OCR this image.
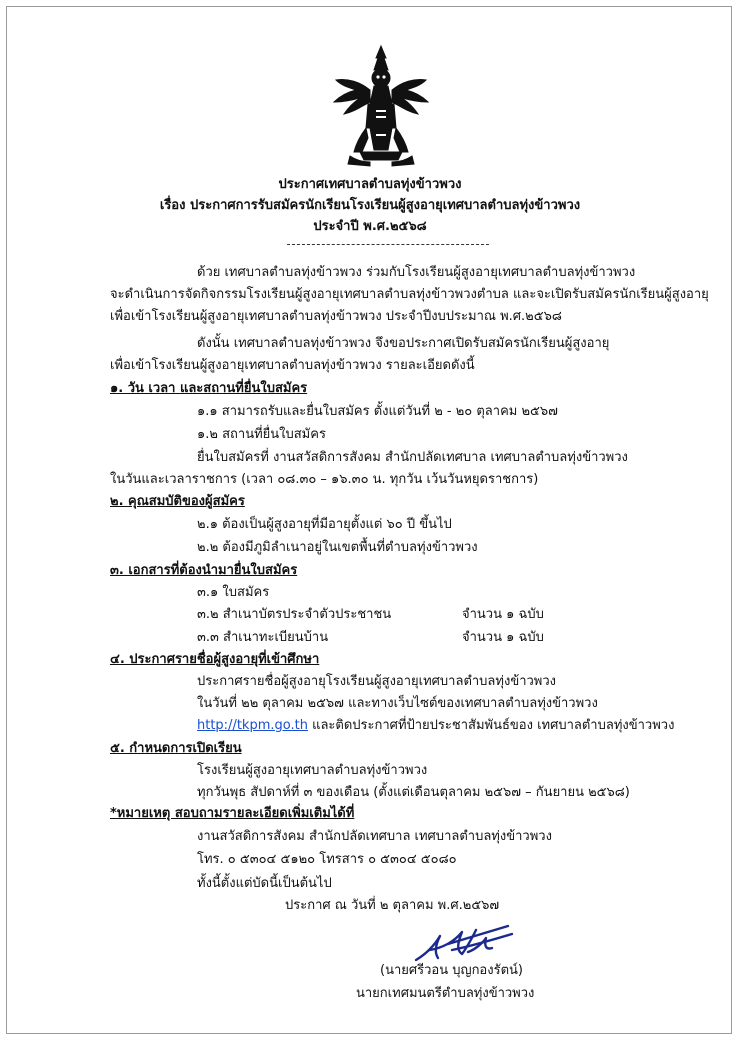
ประกาศเทศบาลตำบลทุ่งข้าวพวง
เรื่อง ประกาศการรับสมัครนักเรียนโรงเรียนผู้สูงอายุเทศบาลตำบลทุ่งข้าวพวง
ประจำปี พ.ศ.๒๕๖๘
ด้วย เทศบาลตำบลทุ่งข้าวพวง ร่วมกับโรงเรียนผู้สูงอายุเทศบาลตำบลทุ่งข้าวพวง
จะดำเนินการจัดกิจกรรมโรงเรียนผู้สูงอายุเทศบาลตำบลทุ่งข้าวพวงตำบล และจะเปิดรับสมัครนักเรียนผู้สูงอายุ
เพื่อเข้าโรงเรียนผู้สูงอายุเทศบาลตำบลทุ่งข้าวพวง ประจำปีงบประมาณ พ.ศ.๒๕๖๘
ดังนั้น เทศบาลตำบลทุ่งข้าวพวง จึงขอประกาศเปิดรับสมัครนักเรียนผู้สูงอายุ
เพื่อเข้าโรงเรียนผู้สูงอายุเทศบาลตำบลทุ่งข้าวพวง รายละเอียดดังนี้
๑. วัน เวลา และสถานที่ยื่นใบสมัคร
๑.๑ สามารถรับและยื่นใบสมัคร ตั้งแต่วันที่ ๒ - ๒๐ ตุลาคม ๒๕๖๗
๑.๒ สถานที่ยื่นใบสมัคร
ยื่นใบสมัครที่ งานสวัสดิการสังคม สำนักปลัดเทศบาล เทศบาลตำบลทุ่งข้าวพวง
ในวันและเวลาราชการ (เวลา ๐๘.๓๐ – ๑๖.๓๐ น. ทุกวัน เว้นวันหยุดราชการ)
๒. คุณสมบัติของผู้สมัคร
๒.๑ ต้องเป็นผู้สูงอายุที่มีอายุตั้งแต่ ๖๐ ปี ขึ้นไป
๒.๒ ต้องมีภูมิลำเนาอยู่ในเขตพื้นที่ตำบลทุ่งข้าวพวง
๓. เอกสารที่ต้องนำมายื่นใบสมัคร
๓.๑ ใบสมัคร
๓.๒ สำเนาบัตรประจำตัวประชาชน	จำนวน ๑ ฉบับ
๓.๓ สำเนาทะเบียนบ้าน	จำนวน ๑ ฉบับ
๔. ประกาศรายชื่อผู้สูงอายุที่เข้าศึกษา
ประกาศรายชื่อผู้สูงอายุโรงเรียนผู้สูงอายุเทศบาลตำบลทุ่งข้าวพวง
ในวันที่ ๒๒ ตุลาคม ๒๕๖๗ และทางเว็บไซต์ของเทศบาลตำบลทุ่งข้าวพวง
http://tkpm.go.th และติดประกาศที่ป้ายประชาสัมพันธ์ของ เทศบาลตำบลทุ่งข้าวพวง
๕. กำหนดการเปิดเรียน
โรงเรียนผู้สูงอายุเทศบาลตำบลทุ่งข้าวพวง
ทุกวันพุธ สัปดาห์ที่ ๓ ของเดือน (ตั้งแต่เดือนตุลาคม ๒๕๖๗ – กันยายน ๒๕๖๘)
*หมายเหตุ สอบถามรายละเอียดเพิ่มเติมได้ที่
งานสวัสดิการสังคม สำนักปลัดเทศบาล เทศบาลตำบลทุ่งข้าวพวง
โทร. ๐ ๕๓๐๔ ๕๑๒๐ โทรสาร ๐ ๕๓๐๔ ๕๐๘๐
ทั้งนี้ตั้งแต่บัดนี้เป็นต้นไป
ประกาศ ณ วันที่ ๒ ตุลาคม พ.ศ.๒๕๖๗
(นายศรีวอน บุญกองรัตน์)
นายกเทศมนตรีตำบลทุ่งข้าวพวง
